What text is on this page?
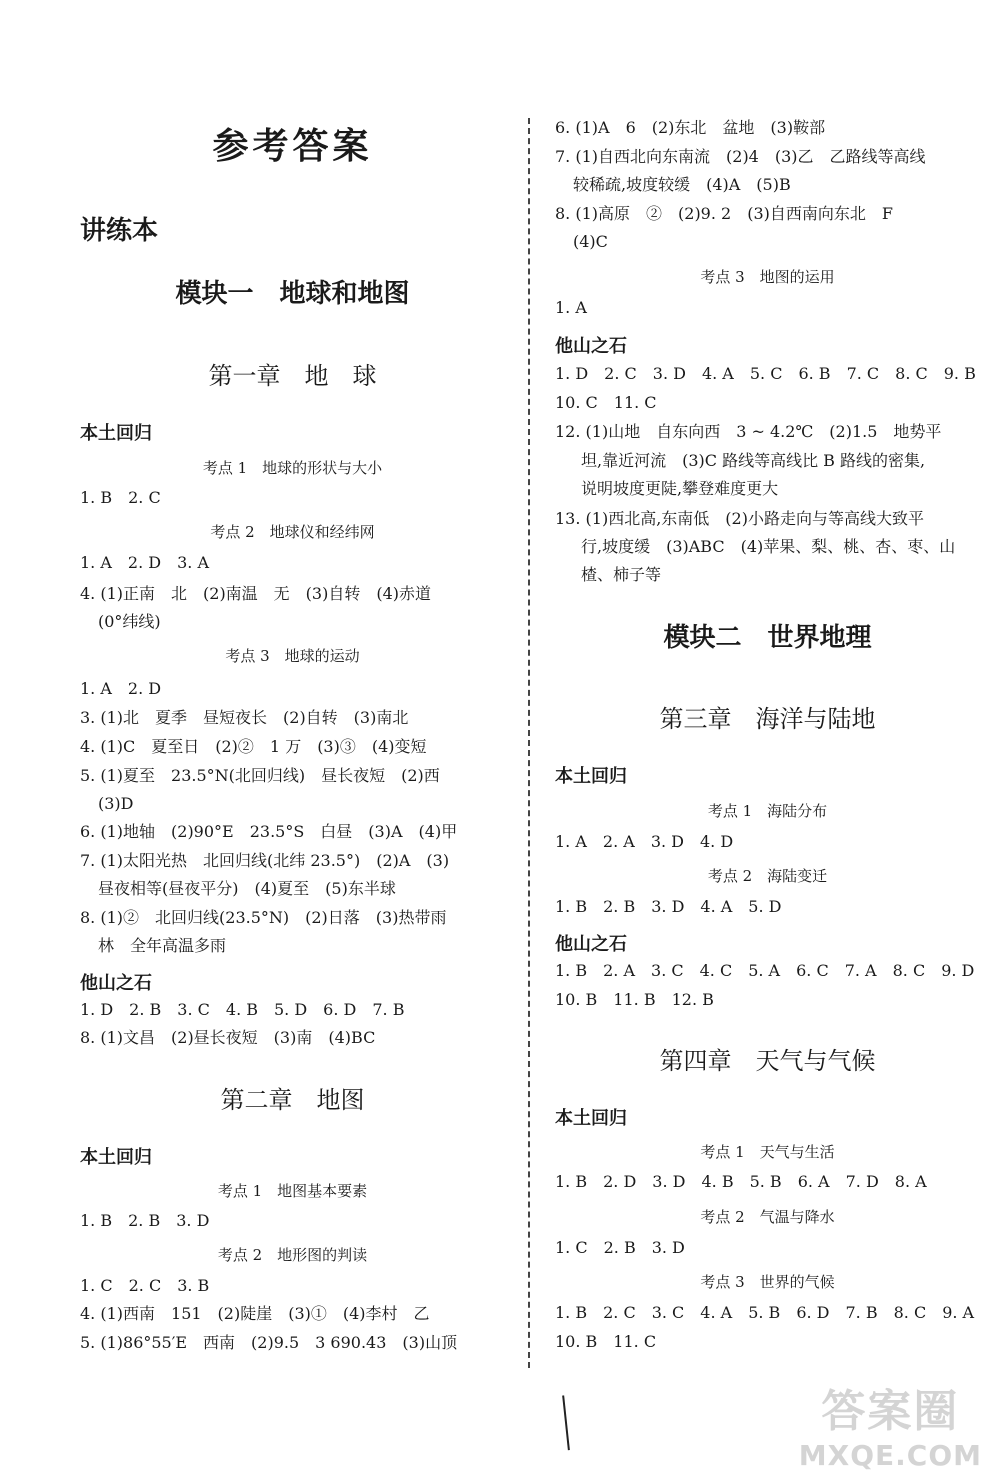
参考答案
讲练本
模块一　地球和地图
第一章　地　球
本土回归
考点 1　地球的形状与大小
1. B　2. C
考点 2　地球仪和经纬网
1. A　2. D　3. A
4. (1)正南　北　(2)南温　无　(3)自转　(4)赤道
(0°纬线)
考点 3　地球的运动
1. A　2. D
3. (1)北　夏季　昼短夜长　(2)自转　(3)南北
4. (1)C　夏至日　(2)②　1 万　(3)③　(4)变短
5. (1)夏至　23.5°N(北回归线)　昼长夜短　(2)西
(3)D
6. (1)地轴　(2)90°E　23.5°S　白昼　(3)A　(4)甲
7. (1)太阳光热　北回归线(北纬 23.5°)　(2)A　(3)
昼夜相等(昼夜平分)　(4)夏至　(5)东半球
8. (1)②　北回归线(23.5°N)　(2)日落　(3)热带雨
林　全年高温多雨
他山之石
1. D　2. B　3. C　4. B　5. D　6. D　7. B
8. (1)文昌　(2)昼长夜短　(3)南　(4)BC
第二章　地图
本土回归
考点 1　地图基本要素
1. B　2. B　3. D
考点 2　地形图的判读
1. C　2. C　3. B
4. (1)西南　151　(2)陡崖　(3)①　(4)李村　乙
5. (1)86°55′E　西南　(2)9.5　3 690.43　(3)山顶
6. (1)A　6　(2)东北　盆地　(3)鞍部
7. (1)自西北向东南流　(2)4　(3)乙　乙路线等高线
较稀疏,坡度较缓　(4)A　(5)B
8. (1)高原　②　(2)9. 2　(3)自西南向东北　F
(4)C
考点 3　地图的运用
1. A
他山之石
1. D　2. C　3. D　4. A　5. C　6. B　7. C　8. C　9. B
10. C　11. C
12. (1)山地　自东向西　3 ~ 4.2℃　(2)1.5　地势平
坦,靠近河流　(3)C 路线等高线比 B 路线的密集,
说明坡度更陡,攀登难度更大
13. (1)西北高,东南低　(2)小路走向与等高线大致平
行,坡度缓　(3)ABC　(4)苹果、梨、桃、杏、枣、山
楂、柿子等
模块二　世界地理
第三章　海洋与陆地
本土回归
考点 1　海陆分布
1. A　2. A　3. D　4. D
考点 2　海陆变迁
1. B　2. B　3. D　4. A　5. D
他山之石
1. B　2. A　3. C　4. C　5. A　6. C　7. A　8. C　9. D
10. B　11. B　12. B
第四章　天气与气候
本土回归
考点 1　天气与生活
1. B　2. D　3. D　4. B　5. B　6. A　7. D　8. A
考点 2　气温与降水
1. C　2. B　3. D
考点 3　世界的气候
1. B　2. C　3. C　4. A　5. B　6. D　7. B　8. C　9. A
10. B　11. C
答案圈
MXQE.COM
